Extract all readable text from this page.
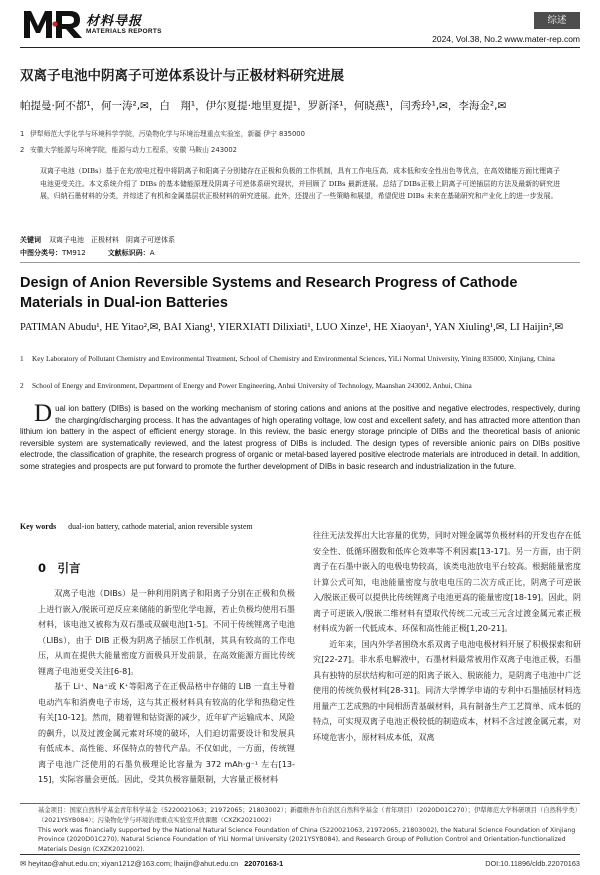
材料导报
MATERIALS REPORTS
综述
2024, Vol.38, No.2 www.mater-rep.com
双离子电池中阴离子可逆体系设计与正极材料研究进展
帕提曼·阿不都¹，何一涛²,✉，白　翔¹，伊尔夏提·地里夏提¹，罗新泽¹，何晓燕¹，闫秀玲¹,✉，李海金²,✉
1 伊犁师范大学化学与环境科学学院，污染物化学与环境治理重点实验室，新疆 伊宁 835000
2 安徽大学能源与环境学院，能源与动力工程系，安徽 马鞍山 243002
双离子电池（DIBs）基于在充/放电过程中将阴离子和阳离子分别储存在正极和负极的工作机制，具有工作电压高、成本低和安全性出色等优点，在高效储能方面比锂离子电池更受关注。本文系统介绍了 DIBs 的基本储能原理及阴离子可逆体系研究现状，并回顾了 DIBs 最新进展。总结了DIBs正极上阴离子可逆插层的方法及最新的研究进展，归纳石墨材料的分类，并综述了有机和金属基层状正极材料的研究进展。此外，还提出了一些策略和展望，希望促进 DIBs 未来在基础研究和产业化上的进一步发展。
关键词 双离子电池　正极材料　阴离子可逆体系
中图分类号：TM912	文献标识码：A
Design of Anion Reversible Systems and Research Progress of Cathode Materials in Dual-ion Batteries
PATIMAN Abudu¹, HE Yitao²,✉, BAI Xiang¹, YIERXIATI Dilixiati¹, LUO Xinze¹, HE Xiaoyan¹, YAN Xiuling¹,✉, LI Haijin²,✉
1	Key Laboratory of Pollutant Chemistry and Environmental Treatment, School of Chemistry and Environmental Sciences, YiLi Normal University, Yining 835000, Xinjiang, China
2	School of Energy and Environment, Department of Energy and Power Engineering, Anhui University of Technology, Maanshan 243002, Anhui, China
Dual ion battery (DIBs) is based on the working mechanism of storing cations and anions at the positive and negative electrodes, respectively, during the charging/discharging process. It has the advantages of high operating voltage, low cost and excellent safety, and has attracted more attention than lithium ion battery in the aspect of efficient energy storage. In this review, the basic energy storage principle of DIBs and the theoretical basis of anionic reversible system are systematically reviewed, and the latest progress of DIBs is included. The design types of reversible anionic pairs on DIBs positive electrode, the classification of graphite, the research progress of organic or metal-based layered positive electrode materials are introduced in detail. In addition, some strategies and prospects are put forward to promote the further development of DIBs in basic research and industrialization in the future.
Key words dual-ion battery, cathode material, anion reversible system
0　引言

双离子电池（DIBs）是一种利用阴离子和阳离子分别在正极和负极上进行嵌入/脱嵌可逆反应来储能的新型化学电源，若止负极均使用石墨材料，该电池又被称为双石墨或双碳电池[1-5]。不同于传统锂离子电池（LIBs），由于 DIB 正极为阴离子插层工作机制，其具有较高的工作电压，从而在提供大能量密度方面极具开发前景，在高效能源方面比传统锂离子电池更受关注[6-8]。

基于 Li⁺、Na⁺或 K⁺等阳离子在正极品格中存储的 LIB 一直主导着电动汽车和消费电子市场，这与其正极材料具有较高的化学和热稳定性有关[10-12]。然而，随着锂和钴资源的减少，近年矿产运输成本、风险的飙升，以及过渡金属元素对环境的破坏，人们迫切需要设计和发展具有低成本、高性能、环保特点的替代产品。不仅如此，一方面，传统锂离子电池广泛使用的石墨负极理论比容量为 372 mAh·g⁻¹ 左右[13-15]，实际容量会更低。因此，受其负极容量限制，大容量正极材料

往往无法发挥出大比容量的优势，同时对锂金属等负极材料的开发也存在低安全性、低循环圈数和低库仑效率等不利因素[13-17]。另一方面，由于阴离子在石墨中嵌入的电极电势较高，该类电池放电平台较高。根据能量密度计算公式可知，电池能量密度与放电电压的二次方成正比，阴离子可逆嵌入/脱嵌正极可以提供比传统锂离子电池更高的能量密度[18-19]。因此，阴离子可逆嵌入/脱嵌二维材料有望取代传统二元或三元含过渡金属元素正极材料成为新一代低成本、环保和高性能正极[1,20-21]。

近年来，国内外学者围绕水系双离子电池电极材料开展了积极探索和研究[22-27]。非水系电解液中，石墨材料最常被用作双离子电池正极，石墨具有独特的层状结构和可逆的阳离子嵌入、脱嵌能力，是阴离子电池中广泛使用的传统负极材料[28-31]。同济大学博学申请的专利中石墨插层材料选用量产工艺成熟的中间相沥青基碳材料，具有制备生产工艺简单、成本低的特点，可实现双离子电池正极较低的制造成本，材料不含过渡金属元素，对环境危害小，原材料成本低，双离

基金项目：国家自然科学基金青年科学基金（5220021063；21972065；21803002）；新疆维吾尔自治区自然科学基金（青年项目）（2020D01C270）；伊犁师范大学科研项目（自然科学类）（2021YSYB084）；污染物化学与环境治理重点实验室开放课题（CXZK2021002）
This work was financially supported by the National Natural Science Foundation of China (5220021063, 21972065, 21803002), the Natural Science Foundation of Xinjiang Province (2020D01C270), Natural Science Foundation of YiLi Normal University (2021YSYB084), and Research Group of Pollution Control and Orientation-functionalized Materials Design (CXZK2021002).
✉ heyitao@ahut.edu.cn; xiyan1212@163.com; lhaijin@ahut.edu.cn 22070163-1	DOI:10.11896/cldb.22070163
